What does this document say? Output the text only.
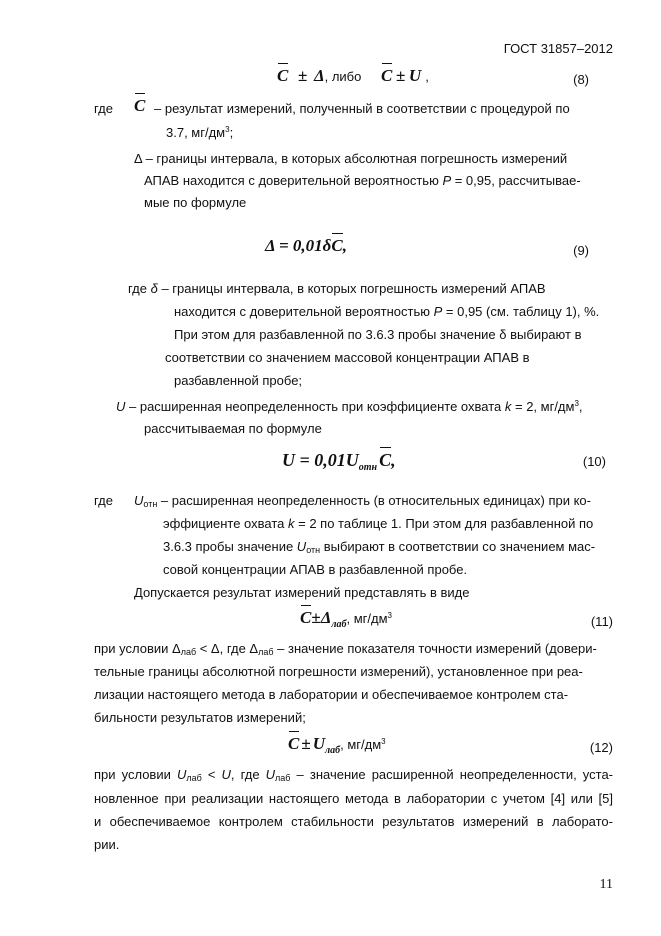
ГОСТ 31857–2012
C ± Δ, либо C ± U ,	(8)
где C – результат измерений, полученный в соответствии с процедурой по
3.7, $мг/дм^3$;
Δ – границы интервала, в которых абсолютная погрешность измерений
АПАВ находится с доверительной вероятностью P = 0,95, рассчитывае-
мые по формуле
Δ = 0,01δC,	(9)
где δ – границы интервала, в которых погрешность измерений АПАВ
находится с доверительной вероятностью P = 0,95 (см. таблицу 1), %.
При этом для разбавленной по 3.6.3 пробы значение δ выбирают в
соответствии со значением массовой концентрации АПАВ в
разбавленной пробе;
U – расширенная неопределенность при коэффициенте охвата k = 2, $мг/дм^3$,
рассчитываемая по формуле
$U = 0,01U_{отн}$ C,	(10)
где Uотн – расширенная неопределенность (в относительных единицах) при ко-
эффициенте охвата k = 2 по таблице 1. При этом для разбавленной по
3.6.3 пробы значение Uотн выбирают в соответствии со значением мас-
совой концентрации АПАВ в разбавленной пробе.
Допускается результат измерений представлять в виде
$C\pm\Delta_{лаб}$, $мг/дм^3$	(11)
при условии Δлаб < Δ, где Δлаб – значение показателя точности измерений (довери-
тельные границы абсолютной погрешности измерений), установленное при реа-
лизации настоящего метода в лаборатории и обеспечиваемое контролем ста-
бильности результатов измерений;
$C \pm U_{лаб}$, $мг/дм^3$	(12)
при условии Uлаб < U, где Uлаб – значение расширенной неопределенности, уста-
новленное при реализации настоящего метода в лаборатории с учетом [4] или [5]
и обеспечиваемое контролем стабильности результатов измерений в лаборато-
рии.
11
